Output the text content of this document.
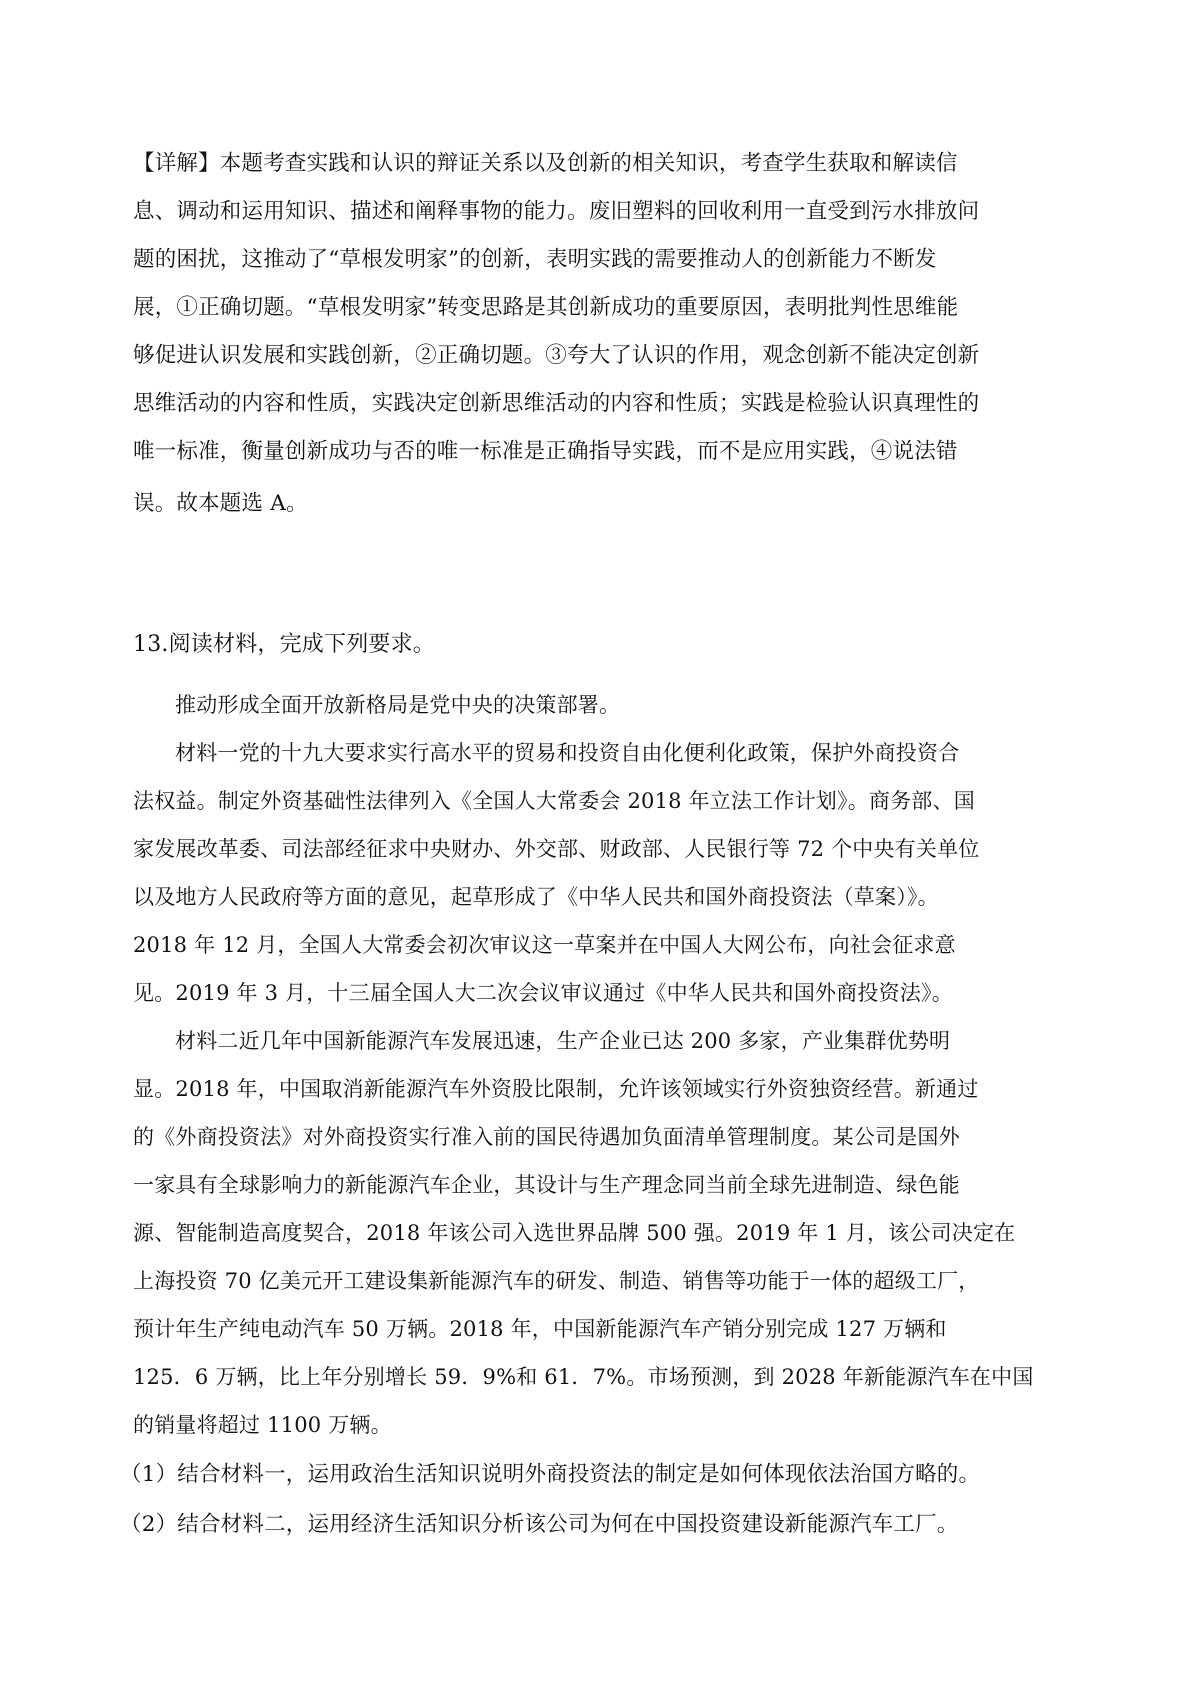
【详解】本题考查实践和认识的辩证关系以及创新的相关知识，考查学生获取和解读信
息、调动和运用知识、描述和阐释事物的能力。废旧塑料的回收利用一直受到污水排放问
题的困扰，这推动了“草根发明家”的创新，表明实践的需要推动人的创新能力不断发
展，①正确切题。“草根发明家”转变思路是其创新成功的重要原因，表明批判性思维能
够促进认识发展和实践创新，②正确切题。③夸大了认识的作用，观念创新不能决定创新
思维活动的内容和性质，实践决定创新思维活动的内容和性质；实践是检验认识真理性的
唯一标准，衡量创新成功与否的唯一标准是正确指导实践，而不是应用实践，④说法错
误。故本题选 A。
13.阅读材料，完成下列要求。
推动形成全面开放新格局是党中央的决策部署。
材料一党的十九大要求实行高水平的贸易和投资自由化便利化政策，保护外商投资合
法权益。制定外资基础性法律列入《全国人大常委会 2018 年立法工作计划》。商务部、国
家发展改革委、司法部经征求中央财办、外交部、财政部、人民银行等 72 个中央有关单位
以及地方人民政府等方面的意见，起草形成了《中华人民共和国外商投资法（草案）》。
2018 年 12 月，全国人大常委会初次审议这一草案并在中国人大网公布，向社会征求意
见。2019 年 3 月，十三届全国人大二次会议审议通过《中华人民共和国外商投资法》。
材料二近几年中国新能源汽车发展迅速，生产企业已达 200 多家，产业集群优势明
显。2018 年，中国取消新能源汽车外资股比限制，允许该领域实行外资独资经营。新通过
的《外商投资法》对外商投资实行准入前的国民待遇加负面清单管理制度。某公司是国外
一家具有全球影响力的新能源汽车企业，其设计与生产理念同当前全球先进制造、绿色能
源、智能制造高度契合，2018 年该公司入选世界品牌 500 强。2019 年 1 月，该公司决定在
上海投资 70 亿美元开工建设集新能源汽车的研发、制造、销售等功能于一体的超级工厂，
预计年生产纯电动汽车 50 万辆。2018 年，中国新能源汽车产销分别完成 127 万辆和
125．6 万辆，比上年分别增长 59．9%和 61．7%。市场预测，到 2028 年新能源汽车在中国
的销量将超过 1100 万辆。
（1）结合材料一，运用政治生活知识说明外商投资法的制定是如何体现依法治国方略的。
（2）结合材料二，运用经济生活知识分析该公司为何在中国投资建设新能源汽车工厂。
